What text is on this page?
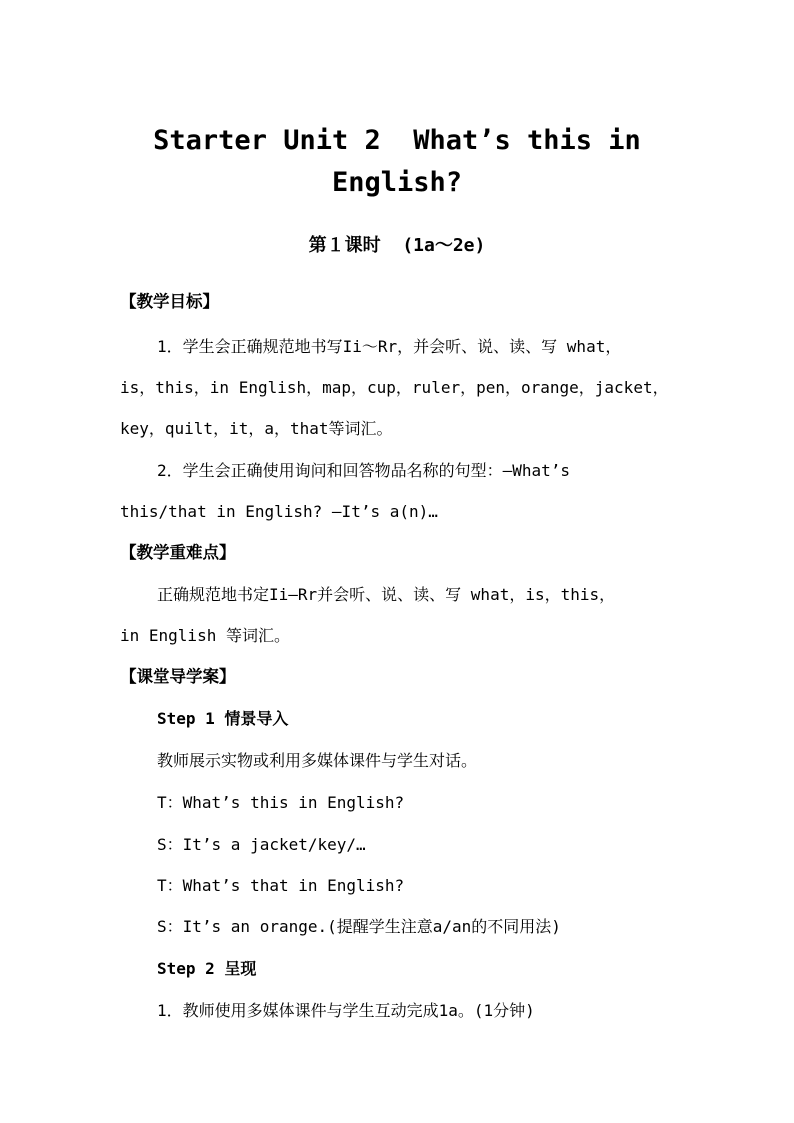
Starter Unit 2  What’s this in
English?
第１课时  (1a～2e)
【教学目标】
1．学生会正确规范地书写Ii～Rr，并会听、说、读、写 what，
is，this，in English，map，cup，ruler，pen，orange，jacket，
key，quilt，it，a，that等词汇。
2．学生会正确使用询问和回答物品名称的句型：—What’s
this/that in English? —It’s a(n)…
【教学重难点】
正确规范地书定Ii—Rr并会听、说、读、写 what，is，this，
in English 等词汇。
【课堂导学案】
Step 1 情景导入
教师展示实物或利用多媒体课件与学生对话。
T：What’s this in English?
S：It’s a jacket/key/…
T：What’s that in English?
S：It’s an orange.(提醒学生注意a/an的不同用法)
Step 2 呈现
1．教师使用多媒体课件与学生互动完成1a。(1分钟)
